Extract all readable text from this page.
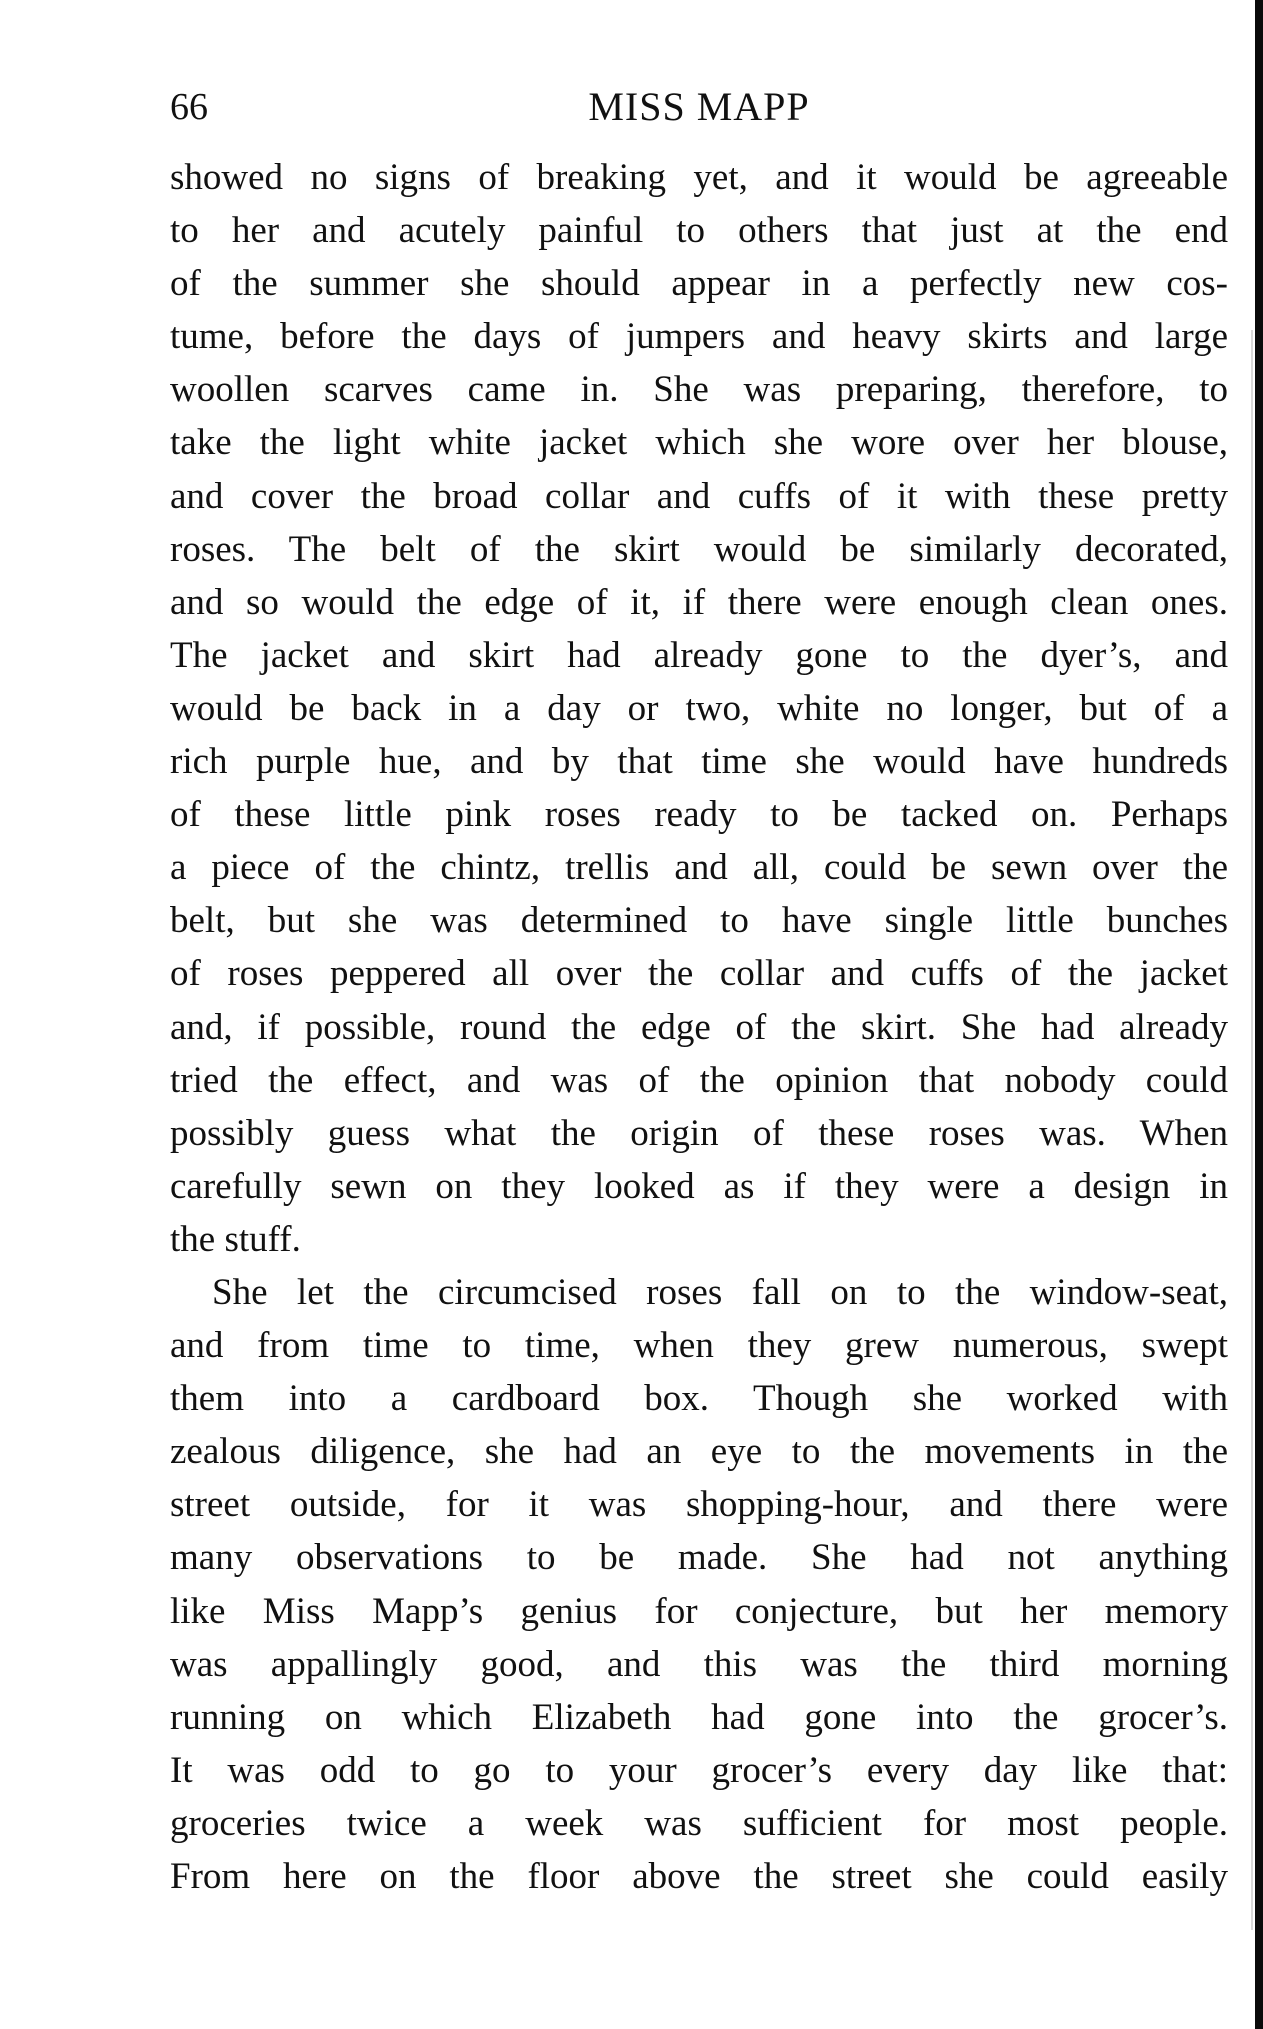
66	MISS MAPP
showed no signs of breaking yet, and it would be agreeable
to her and acutely painful to others that just at the end
of the summer she should appear in a perfectly new cos-
tume, before the days of jumpers and heavy skirts and large
woollen scarves came in. She was preparing, therefore, to
take the light white jacket which she wore over her blouse,
and cover the broad collar and cuffs of it with these pretty
roses. The belt of the skirt would be similarly decorated,
and so would the edge of it, if there were enough clean ones.
The jacket and skirt had already gone to the dyer’s, and
would be back in a day or two, white no longer, but of a
rich purple hue, and by that time she would have hundreds
of these little pink roses ready to be tacked on. Perhaps
a piece of the chintz, trellis and all, could be sewn over the
belt, but she was determined to have single little bunches
of roses peppered all over the collar and cuffs of the jacket
and, if possible, round the edge of the skirt. She had already
tried the effect, and was of the opinion that nobody could
possibly guess what the origin of these roses was. When
carefully sewn on they looked as if they were a design in
the stuff.
She let the circumcised roses fall on to the window-seat,
and from time to time, when they grew numerous, swept
them into a cardboard box. Though she worked with
zealous diligence, she had an eye to the movements in the
street outside, for it was shopping-hour, and there were
many observations to be made. She had not anything
like Miss Mapp’s genius for conjecture, but her memory
was appallingly good, and this was the third morning
running on which Elizabeth had gone into the grocer’s.
It was odd to go to your grocer’s every day like that:
groceries twice a week was sufficient for most people.
From here on the floor above the street she could easily
